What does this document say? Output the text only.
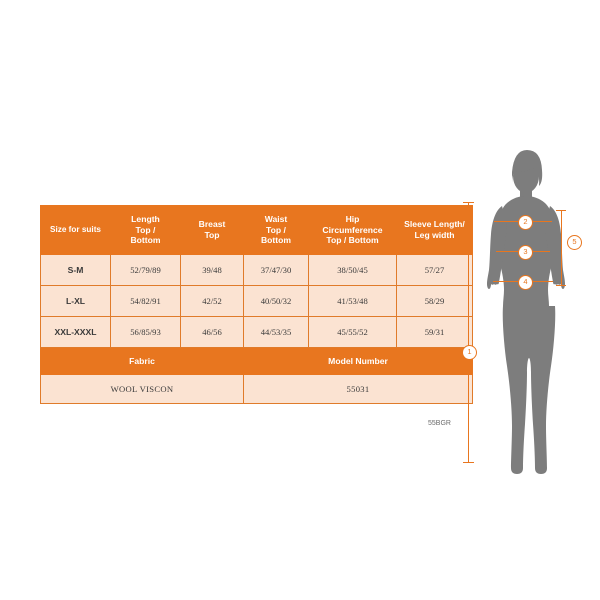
Size for suits	
Length
Top /
Bottom

Breast
Top

Waist
Top /
Bottom

Hip
Circumference
Top / Bottom

Sleeve Length/
Leg width

S-M	52/79/89	39/48	37/47/30	38/50/45	57/27
L-XL	54/82/91	42/52	40/50/32	41/53/48	58/29
XXL-XXXL	56/85/93	46/56	44/53/35	45/55/52	59/31
Fabric			Model Number		
WOOL VISCON			55031		
55BGR
1
2
3
4
5
